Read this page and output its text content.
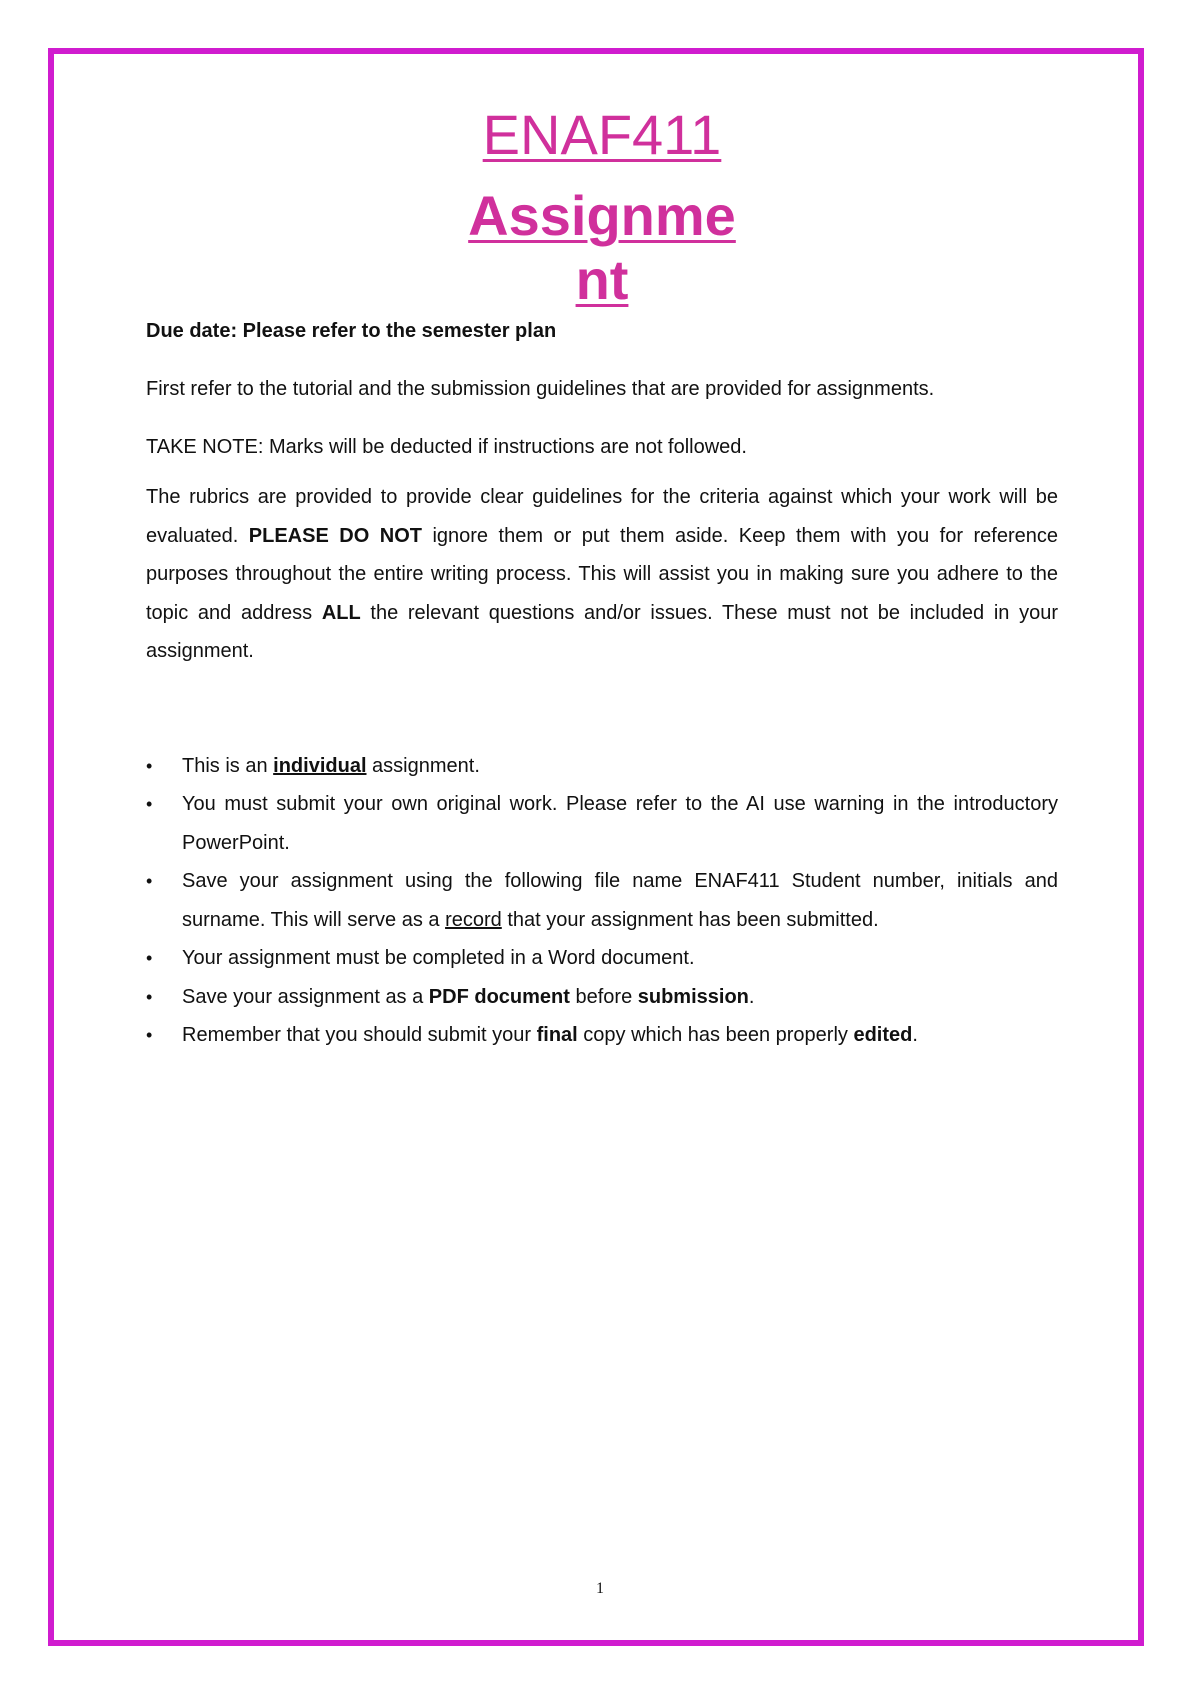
ENAF411
Assignment
Due date: Please refer to the semester plan

First refer to the tutorial and the submission guidelines that are provided for assignments.

TAKE NOTE: Marks will be deducted if instructions are not followed.

The rubrics are provided to provide clear guidelines for the criteria against which your work will be evaluated. PLEASE DO NOT ignore them or put them aside. Keep them with you for reference purposes throughout the entire writing process. This will assist you in making sure you adhere to the topic and address ALL the relevant questions and/or issues. These must not be included in your assignment.

• This is an individual assignment.
• You must submit your own original work. Please refer to the AI use warning in the introductory PowerPoint.
• Save your assignment using the following file name ENAF411 Student number, initials and surname. This will serve as a record that your assignment has been submitted.
• Your assignment must be completed in a Word document.
• Save your assignment as a PDF document before submission.
• Remember that you should submit your final copy which has been properly edited.
1
